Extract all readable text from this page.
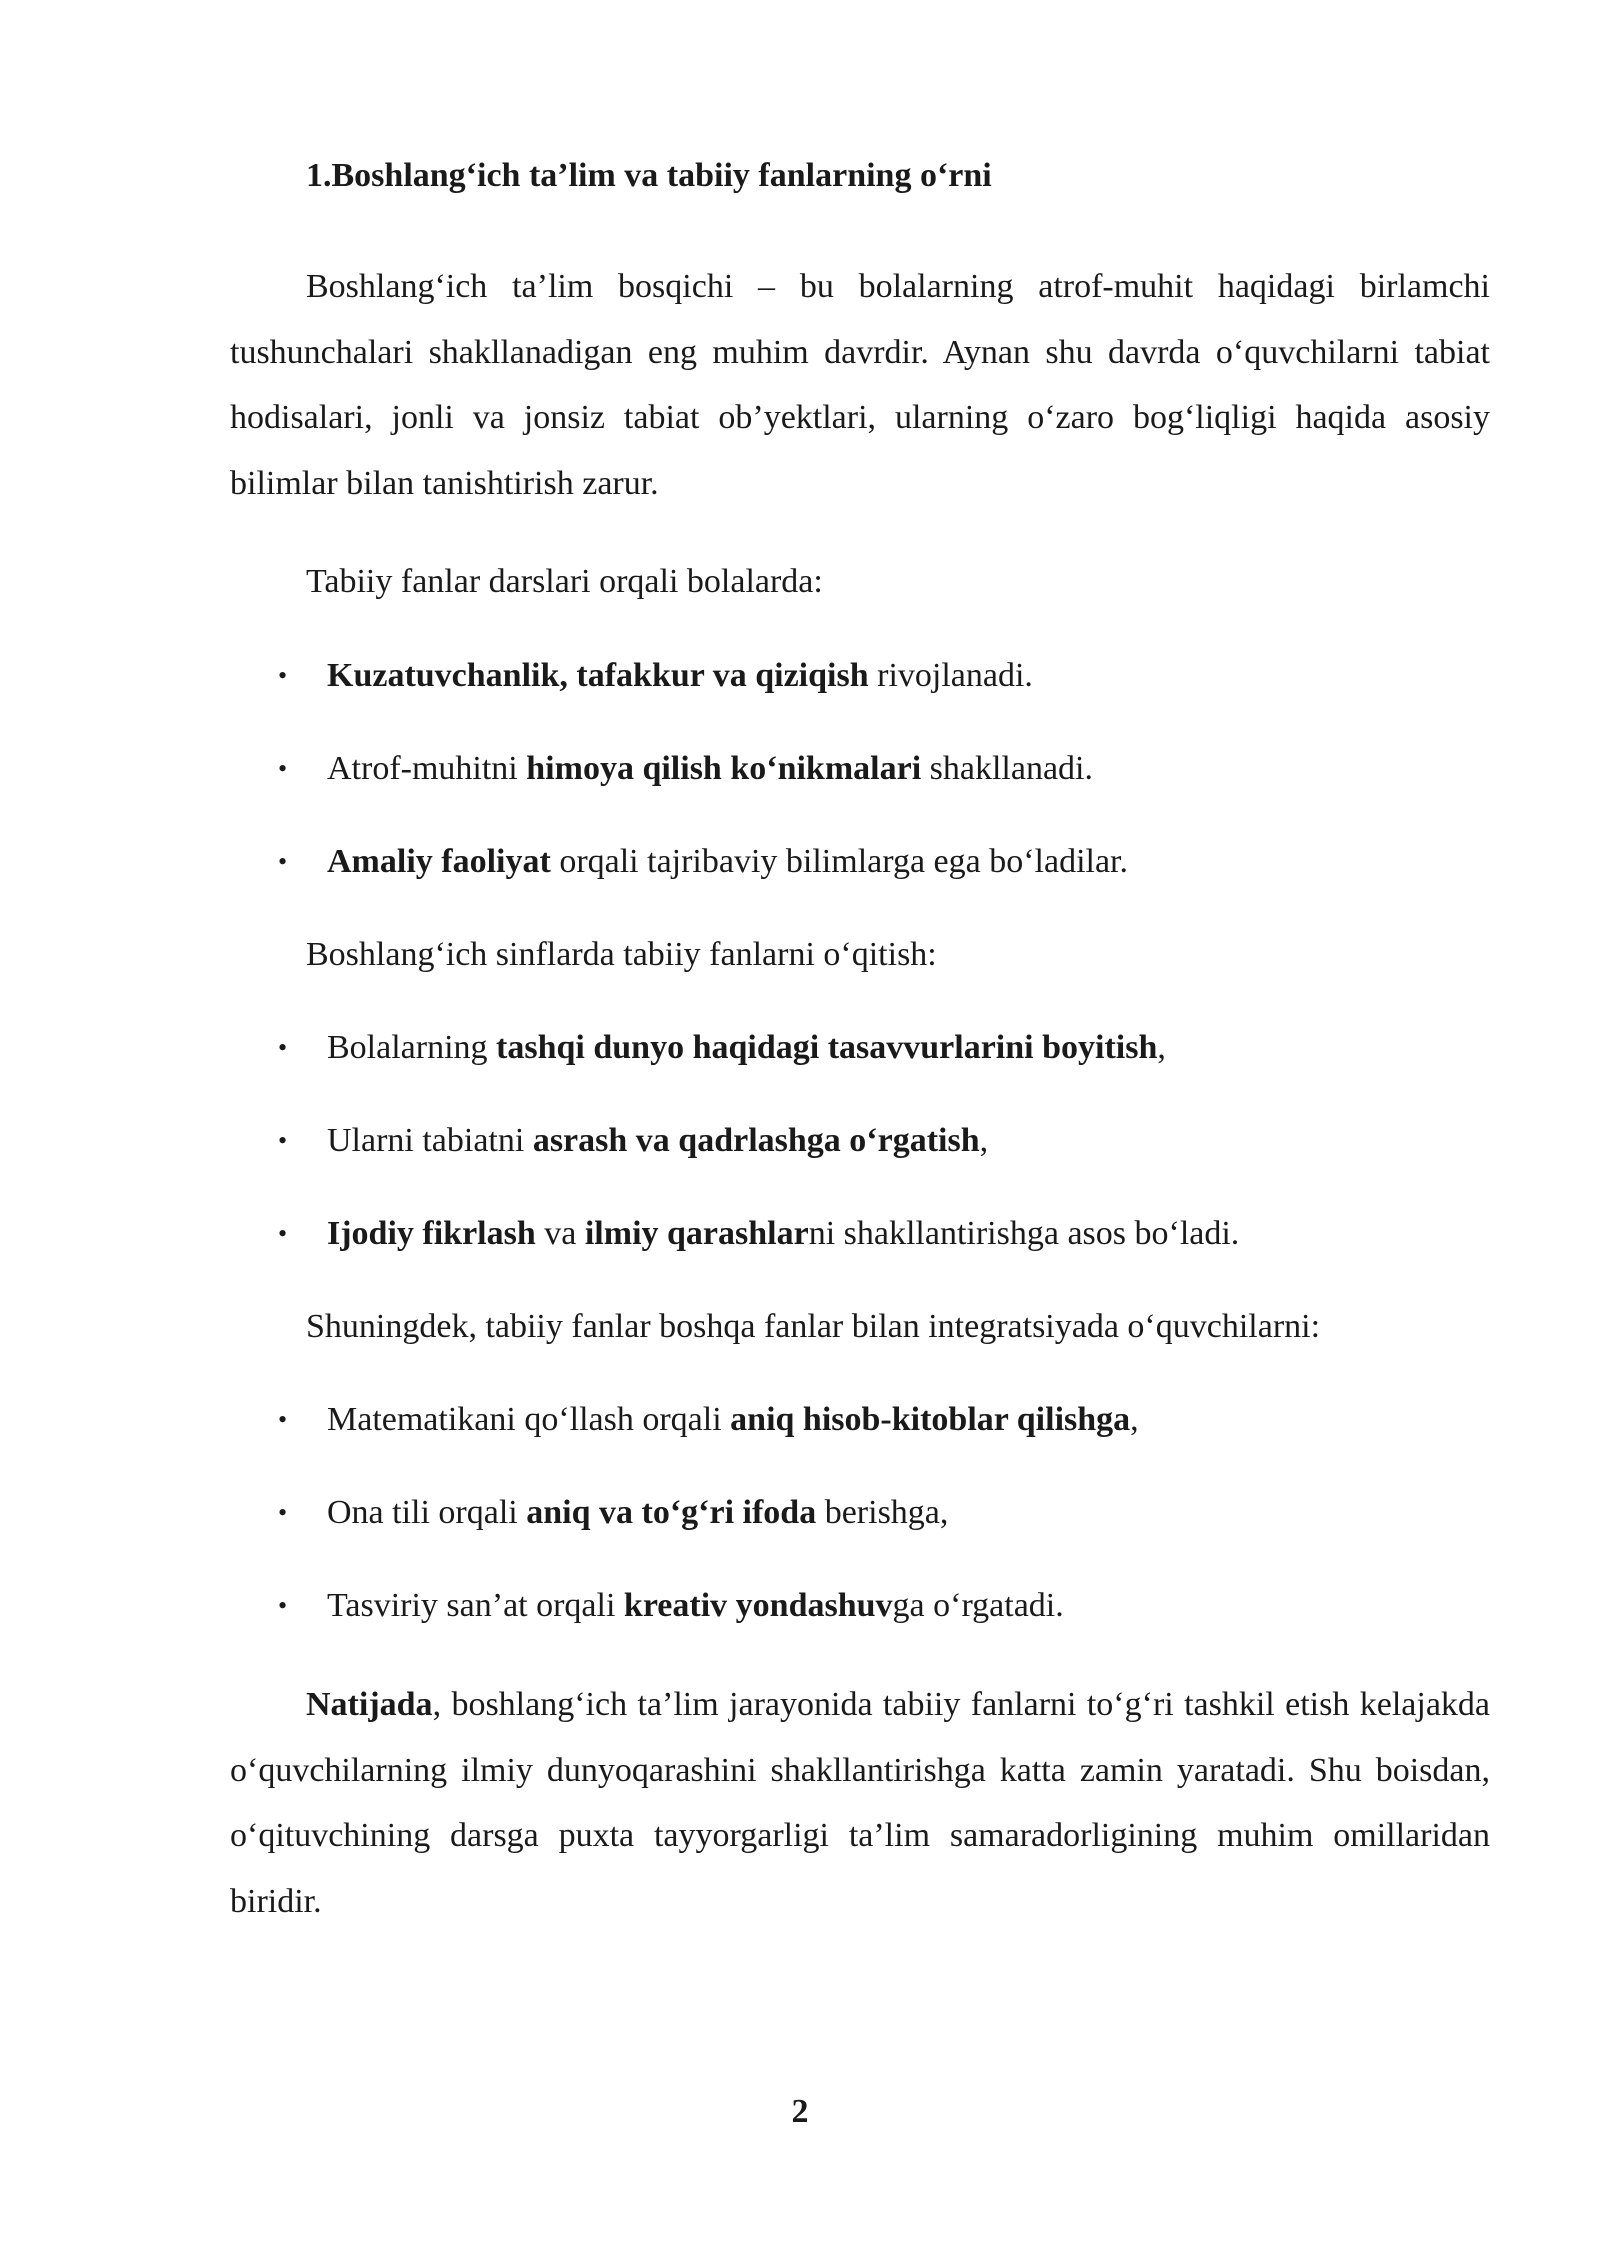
1.Boshlang‘ich ta’lim va tabiiy fanlarning o‘rni

Boshlang‘ich ta’lim bosqichi – bu bolalarning atrof-muhit haqidagi birlamchi tushunchalari shakllanadigan eng muhim davrdir. Aynan shu davrda o‘quvchilarni tabiat hodisalari, jonli va jonsiz tabiat ob’yektlari, ularning o‘zaro bog‘liqligi haqida asosiy bilimlar bilan tanishtirish zarur.

Tabiiy fanlar darslari orqali bolalarda:

• Kuzatuvchanlik, tafakkur va qiziqish rivojlanadi.
• Atrof-muhitni himoya qilish ko‘nikmalari shakllanadi.
• Amaliy faoliyat orqali tajribaviy bilimlarga ega bo‘ladilar.

Boshlang‘ich sinflarda tabiiy fanlarni o‘qitish:

• Bolalarning tashqi dunyo haqidagi tasavvurlarini boyitish,
• Ularni tabiatni asrash va qadrlashga o‘rgatish,
• Ijodiy fikrlash va ilmiy qarashlarni shakllantirishga asos bo‘ladi.

Shuningdek, tabiiy fanlar boshqa fanlar bilan integratsiyada o‘quvchilarni:

• Matematikani qo‘llash orqali aniq hisob-kitoblar qilishga,
• Ona tili orqali aniq va to‘g‘ri ifoda berishga,
• Tasviriy san’at orqali kreativ yondashuvga o‘rgatadi.

Natijada, boshlang‘ich ta’lim jarayonida tabiiy fanlarni to‘g‘ri tashkil etish kelajakda o‘quvchilarning ilmiy dunyoqarashini shakllantirishga katta zamin yaratadi. Shu boisdan, o‘qituvchining darsga puxta tayyorgarligi ta’lim samaradorligining muhim omillaridan biridir.

2
